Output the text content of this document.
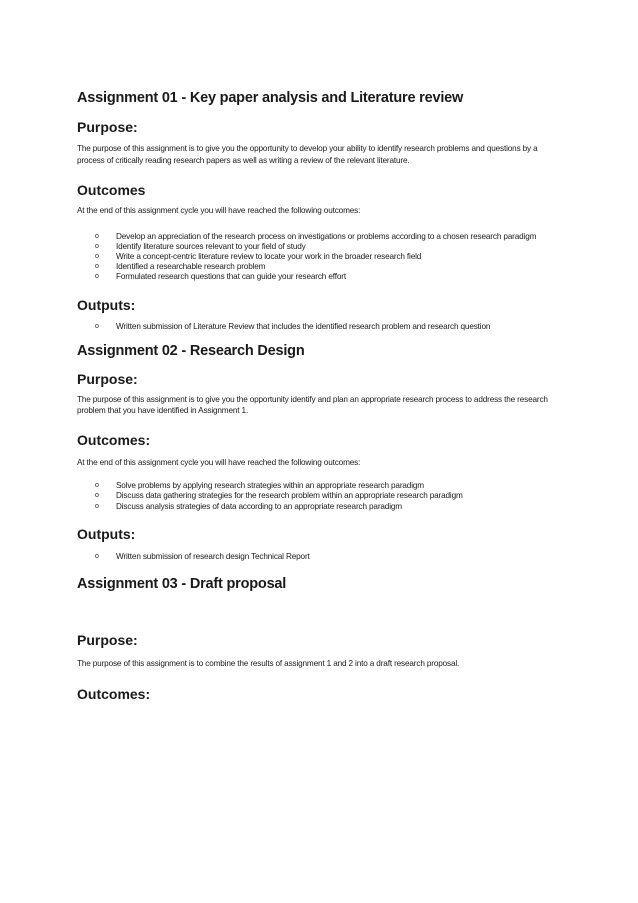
Assignment 01 - Key paper analysis and Literature review
Purpose:

The purpose of this assignment is to give you the opportunity to develop your ability to identify research problems and questions by a process of critically reading research papers as well as writing a review of the relevant literature.

Outcomes

At the end of this assignment cycle you will have reached the following outcomes:

o Develop an appreciation of the research process on investigations or problems according to a chosen research paradigm
o Identify literature sources relevant to your field of study
o Write a concept-centric literature review to locate your work in the broader research field
o Identified a researchable research problem
o Formulated research questions that can guide your research effort
Outputs:
o Written submission of Literature Review that includes the identified research problem and research question
Assignment 02 - Research Design
Purpose:

The purpose of this assignment is to give you the opportunity identify and plan an appropriate research process to address the research problem that you have identified in Assignment 1.

Outcomes:

At the end of this assignment cycle you will have reached the following outcomes:

o Solve problems by applying research strategies within an appropriate research paradigm
o Discuss data gathering strategies for the research problem within an appropriate research paradigm
o Discuss analysis strategies of data according to an appropriate research paradigm
Outputs:
o Written submission of research design Technical Report
Assignment 03 - Draft proposal
Purpose:

The purpose of this assignment is to combine the results of assignment 1 and 2 into a draft research proposal.

Outcomes:
